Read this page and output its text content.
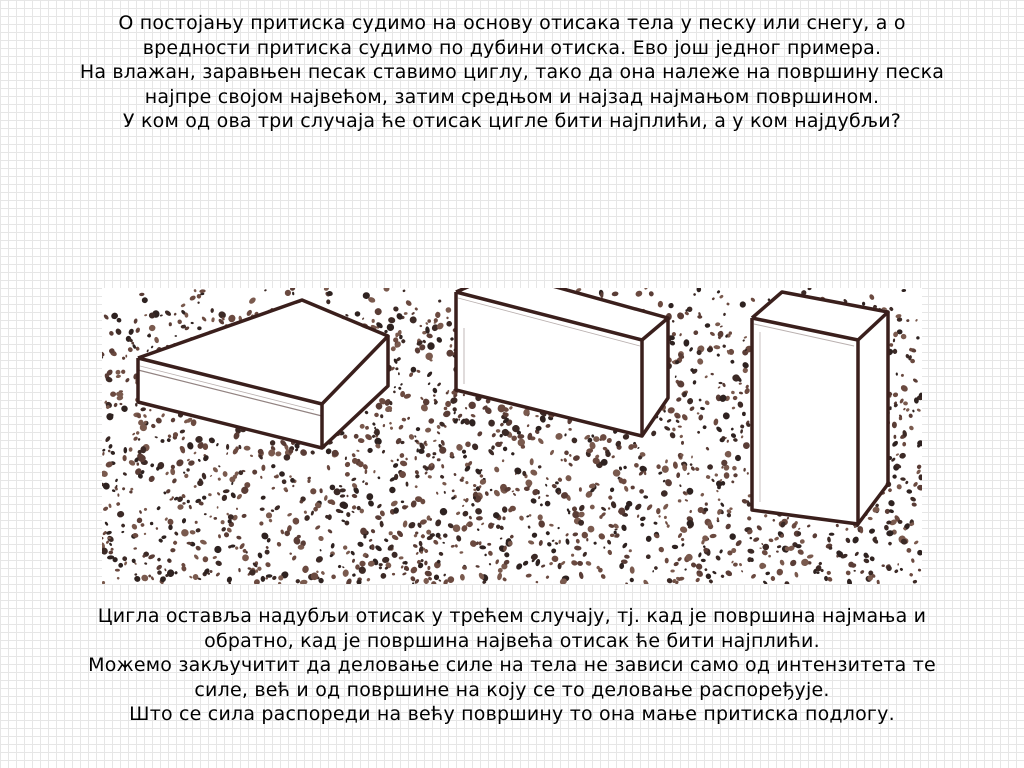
О постојању притиска судимо на основу отисака тела у песку или снегу, а о
вредности притиска судимо по дубини отиска. Ево још једног примера.
На влажан, заравњен песак ставимо циглу, тако да она належе на површину песка
најпре својом највећом, затим средњом и најзад најмањом површином.
У ком од ова три случаја ће отисак цигле бити најплићи, а у ком најдубљи?
Цигла оставља надубљи отисак у трећем случају, тј. кад је површина најмања и
обратно, кад је површина највећа отисак ће бити најплићи.
Можемо закључитит да деловање силе на тела не зависи само од интензитета те
силе, већ и од површине на коју се то деловање распоређује.
Што се сила распореди на већу површину то она мање притиска подлогу.
